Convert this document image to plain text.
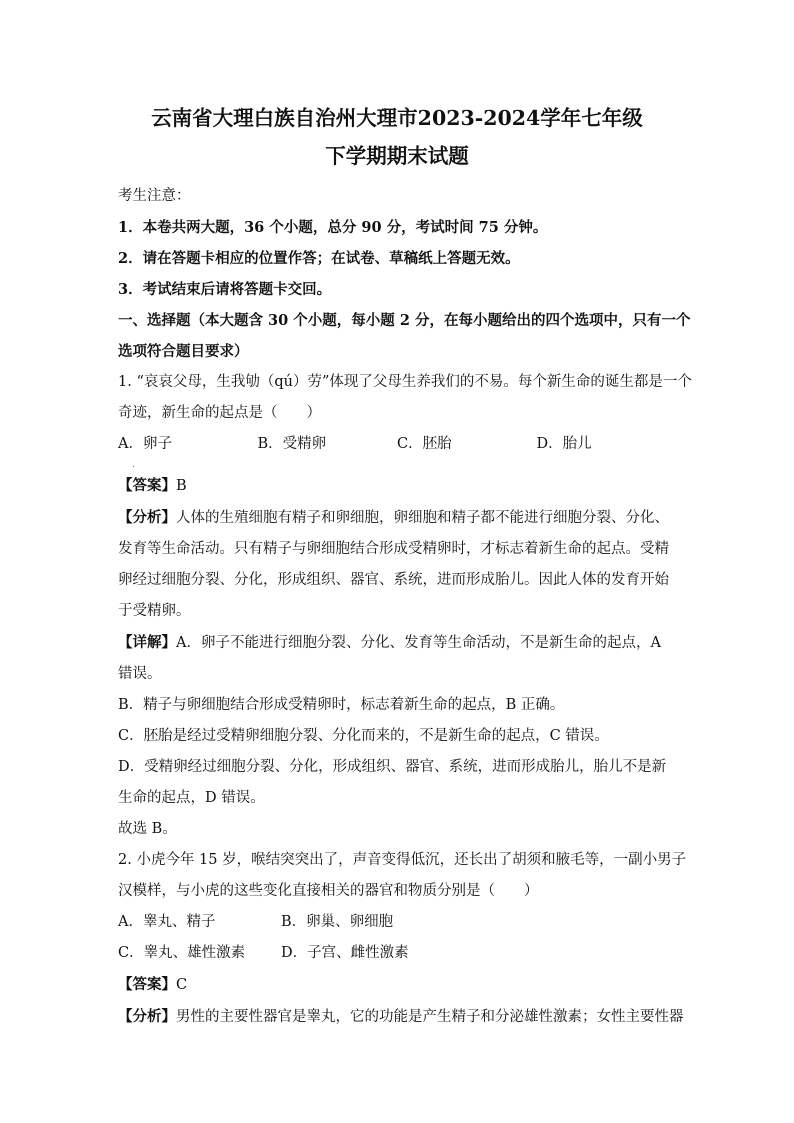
云南省大理白族自治州大理市2023-2024学年七年级
下学期期末试题

考生注意：

1．本卷共两大题，36 个小题，总分 90 分，考试时间 75 分钟。

2．请在答题卡相应的位置作答；在试卷、草稿纸上答题无效。

3．考试结束后请将答题卡交回。

一、选择题（本大题含 30 个小题，每小题 2 分，在每小题给出的四个选项中，只有一个

选项符合题目要求）

1. “哀哀父母，生我劬（qú）劳”体现了父母生养我们的不易。每个新生命的诞生都是一个

奇迹，新生命的起点是（　　）

A．卵子	B．受精卵	C．胚胎	D．胎儿
.

【答案】B

【分析】人体的生殖细胞有精子和卵细胞，卵细胞和精子都不能进行细胞分裂、分化、发育等生命活动。只有精子与卵细胞结合形成受精卵时，才标志着新生命的起点。受精卵经过细胞分裂、分化，形成组织、器官、系统，进而形成胎儿。因此人体的发育开始于受精卵。

【详解】A．卵子不能进行细胞分裂、分化、发育等生命活动，不是新生命的起点，A 错误。

B．精子与卵细胞结合形成受精卵时，标志着新生命的起点，B 正确。

C．胚胎是经过受精卵细胞分裂、分化而来的，不是新生命的起点，C 错误。

D．受精卵经过细胞分裂、分化，形成组织、器官、系统，进而形成胎儿，胎儿不是新生命的起点，D 错误。

故选 B。

2. 小虎今年 15 岁，喉结突突出了，声音变得低沉，还长出了胡须和腋毛等，一副小男子

汉模样，与小虎的这些变化直接相关的器官和物质分别是（　　）

A．睾丸、精子	B．卵巢、卵细胞
C．睾丸、雄性激素	D．子宫、雌性激素

【答案】C

【分析】男性的主要性器官是睾丸，它的功能是产生精子和分泌雄性激素；女性主要性器
